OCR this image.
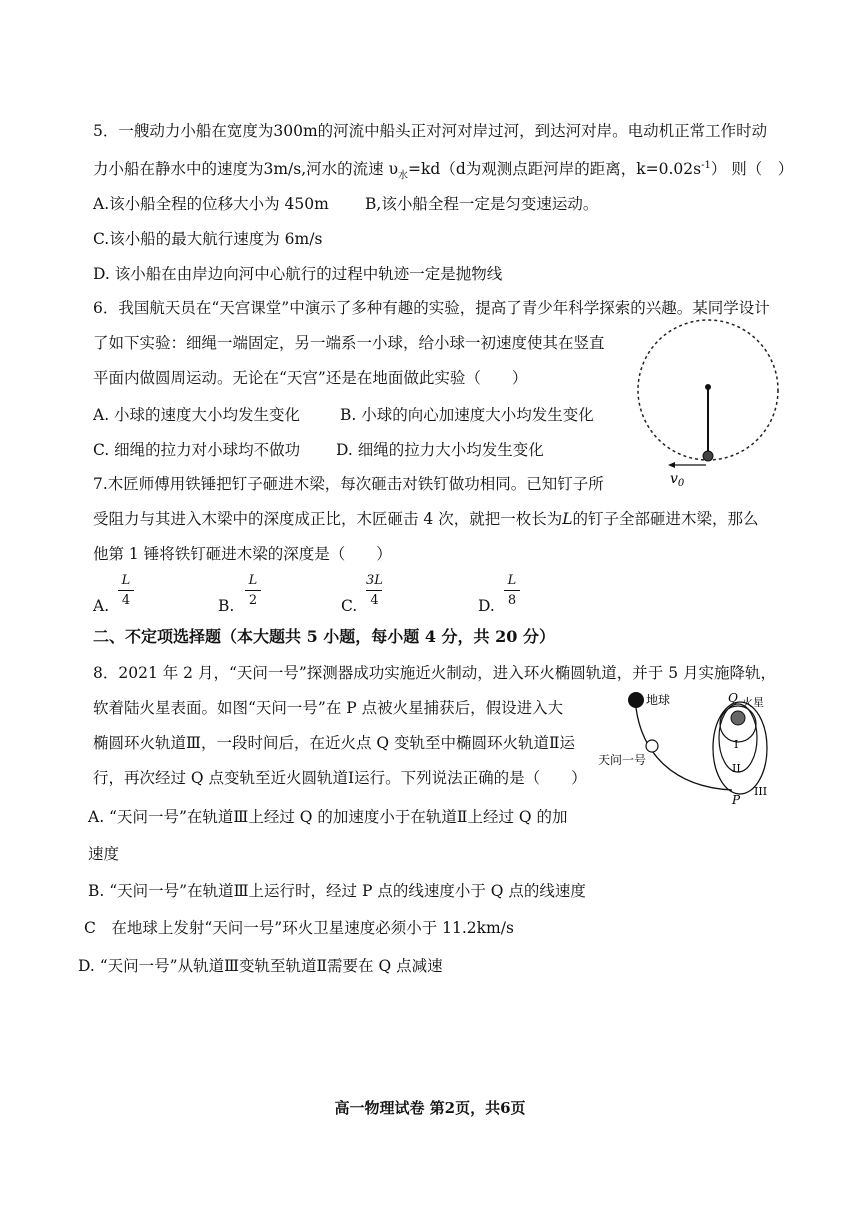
5．一艘动力小船在宽度为300m的河流中船头正对河对岸过河，到达河对岸。电动机正常工作时动
力小船在静水中的速度为3m/s,河水的流速 $\upsilon_水=kd(d$为观测点距河岸的距离，$k=0.02s^{-1}$） 则（　）
A.该小船全程的位移大小为 450m B,该小船全程一定是匀变速运动。
C.该小船的最大航行速度为 6m/s
D. 该小船在由岸边向河中心航行的过程中轨迹一定是抛物线
6．我国航天员在“天宫课堂”中演示了多种有趣的实验，提高了青少年科学探索的兴趣。某同学设计
了如下实验：细绳一端固定，另一端系一小球，给小球一初速度使其在竖直
平面内做圆周运动。无论在“天宫”还是在地面做此实验（　　）
A. 小球的速度大小均发生变化	B. 小球的向心加速度大小均发生变化
C. 细绳的拉力对小球均不做功 D. 细绳的拉力大小均发生变化
$v_0$
7.木匠师傅用铁锤把钉子砸进木梁，每次砸击对铁钉做功相同。已知钉子所
受阻力与其进入木梁中的深度成正比，木匠砸击 4 次，就把一枚长为L的钉子全部砸进木梁，那么
他第 1 锤将铁钉砸进木梁的深度是（　　）
A.
L
4	B.
L
2	C.
3L
4	D.
L
8
二、不定项选择题（本大题共 5 小题，每小题 4 分，共 20 分）
8．2021 年 2 月，“天问一号”探测器成功实施近火制动，进入环火椭圆轨道，并于 5 月实施降轨，
软着陆火星表面。如图“天问一号”在 P 点被火星捕获后，假设进入大
椭圆环火轨道Ⅲ，一段时间后，在近火点 Q 变轨至中椭圆环火轨道Ⅱ运
行，再次经过 Q 点变轨至近火圆轨道Ⅰ运行。下列说法正确的是（　　）
A. “天问一号”在轨道Ⅲ上经过 Q 的加速度小于在轨道Ⅱ上经过 Q 的加
速度
B. “天问一号”在轨道Ⅲ上运行时，经过 P 点的线速度小于 Q 点的线速度
C　在地球上发射“天问一号”环火卫星速度必须小于 11.2km/s
D. “天问一号”从轨道Ⅲ变轨至轨道Ⅱ需要在 Q 点减速
地球
天问一号
火星
Q
I
II
III
P
高一物理试卷 第2页，共6页
